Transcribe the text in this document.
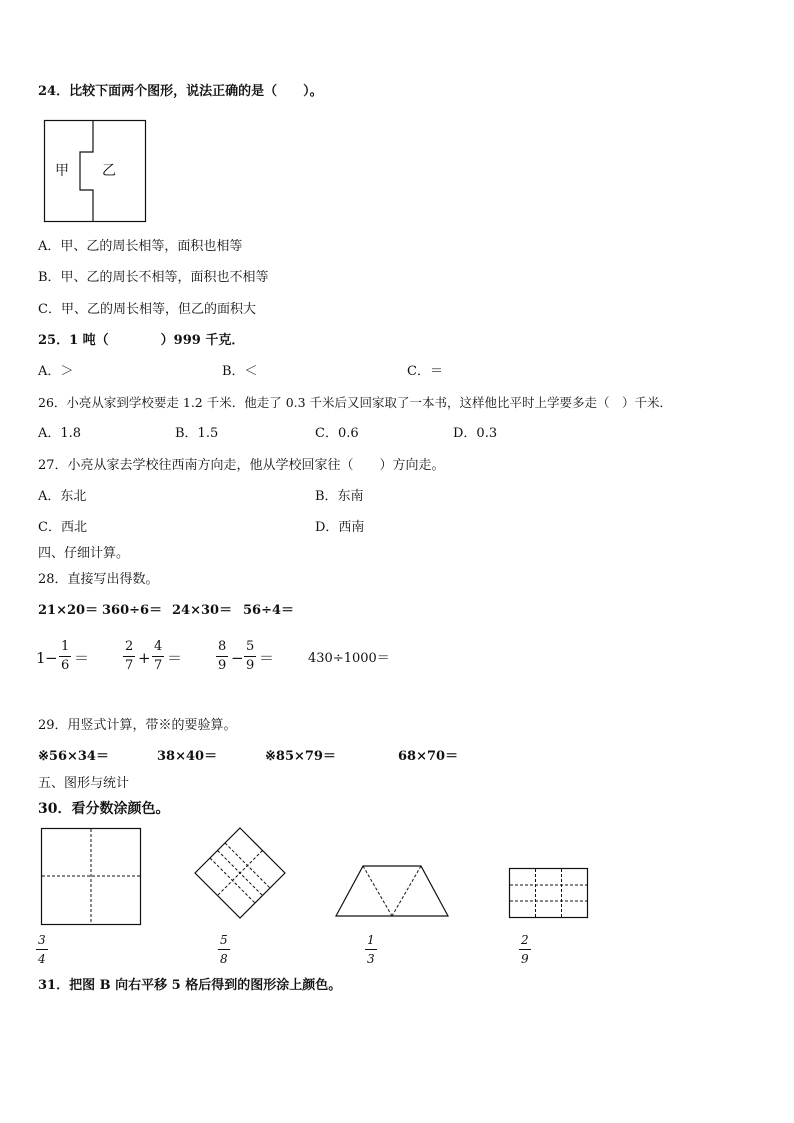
24．比较下面两个图形，说法正确的是（　　）。
甲 乙
A．甲、乙的周长相等，面积也相等
B．甲、乙的周长不相等，面积也不相等
C．甲、乙的周长相等，但乙的面积大
25．1 吨（　　　　）999 千克．
A．＞	B．＜	C．＝
26．小亮从家到学校要走 1.2 千米．他走了 0.3 千米后又回家取了一本书，这样他比平时上学要多走（　）千米．
A．1.8	B．1.5	C．0.6	D．0.3
27．小亮从家去学校往西南方向走，他从学校回家往（　　）方向走。
A．东北	B．东南
C．西北	D．西南
四、仔细计算。
28．直接写出得数。
21×20＝ 360÷6＝ 24×30＝ 56÷4＝
1 −
1
6 ＝
2
7 +
4
7 ＝
8
9 −
5
9 ＝	430÷1000＝
29．用竖式计算，带※的要验算。
※56×34＝	38×40＝	※85×79＝	68×70＝
五、图形与统计
30．看分数涂颜色。
3
4
5
8
1
3
2
9
31．把图 B 向右平移 5 格后得到的图形涂上颜色。
